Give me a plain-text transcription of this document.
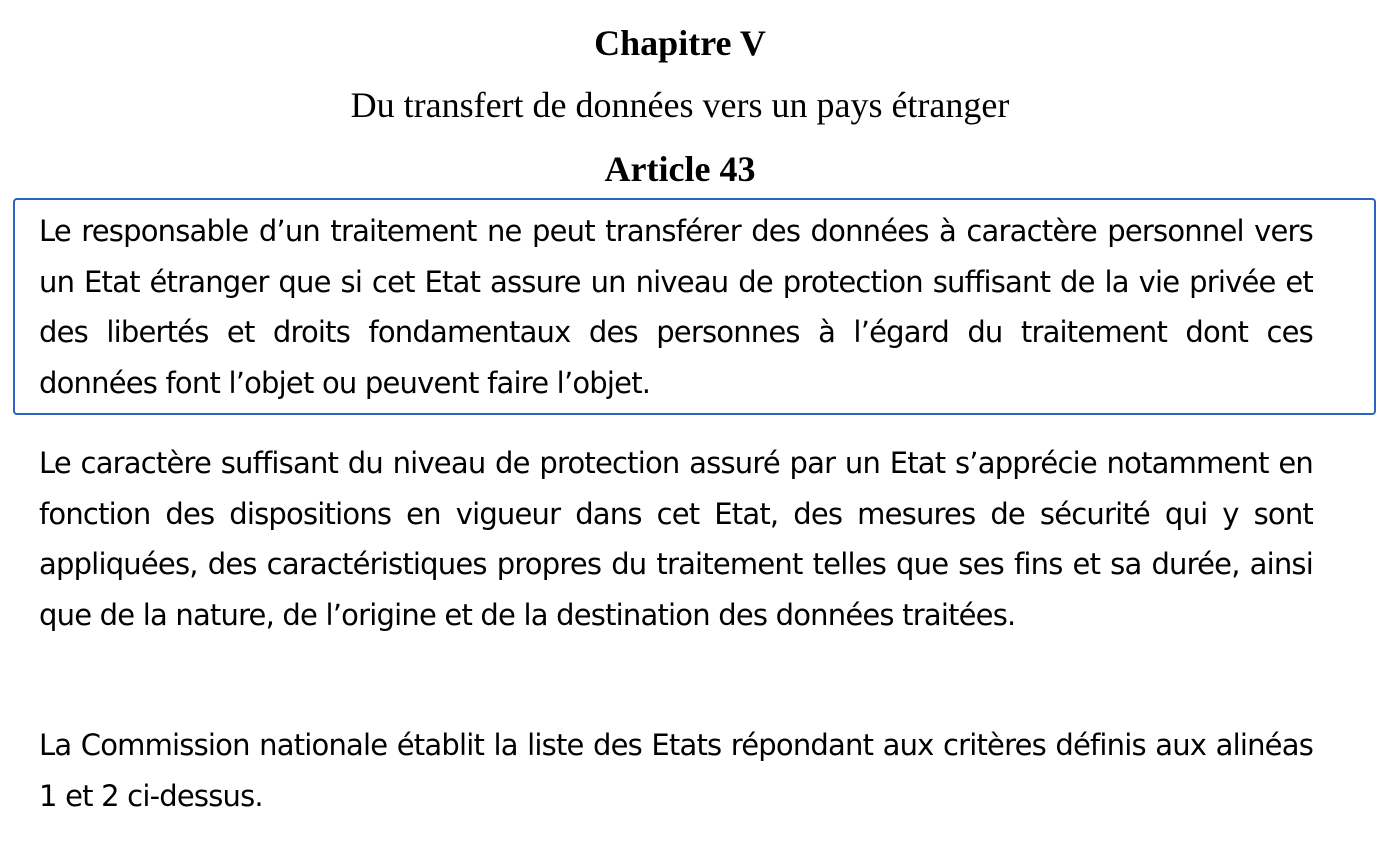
Chapitre V
Du transfert de données vers un pays étranger
Article 43
Le responsable d’un traitement ne peut transférer des données à caractère personnel vers un Etat étranger que si cet Etat assure un niveau de protection suffisant de la vie privée et des libertés et droits fondamentaux des personnes à l’égard du traitement dont ces données font l’objet ou peuvent faire l’objet.
Le caractère suffisant du niveau de protection assuré par un Etat s’apprécie notamment en fonction des dispositions en vigueur dans cet Etat, des mesures de sécurité qui y sont appliquées, des caractéristiques propres du traitement telles que ses fins et sa durée, ainsi que de la nature, de l’origine et de la destination des données traitées.
La Commission nationale établit la liste des Etats répondant aux critères définis aux alinéas 1 et 2 ci-dessus.
